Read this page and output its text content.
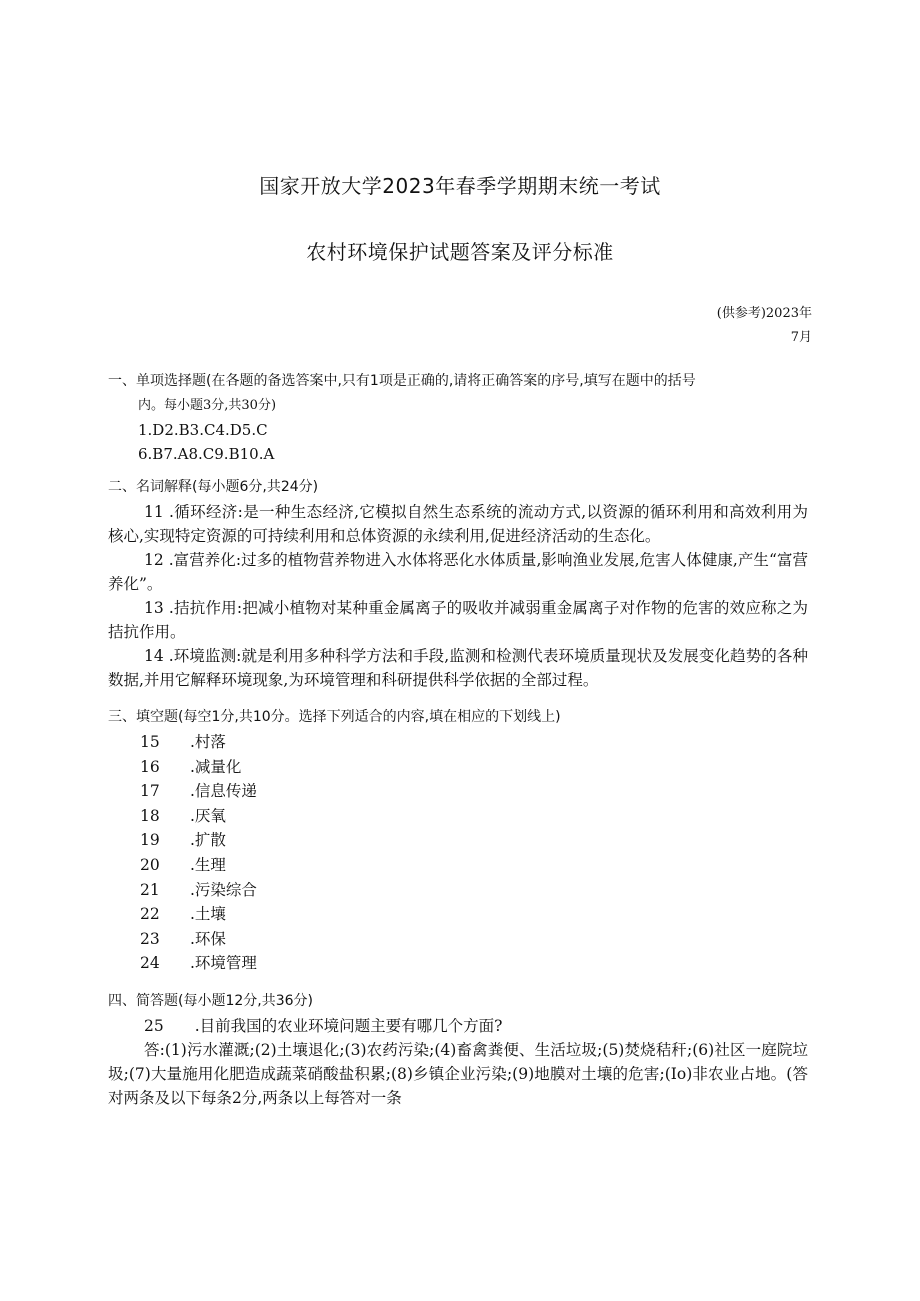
国家开放大学2023年春季学期期末统一考试
农村环境保护试题答案及评分标准
(供参考)2023年
7月
一、单项选择题(在各题的备选答案中,只有1项是正确的,请将正确答案的序号,填写在题中的括号
内。每小题3分,共30分)
1.D2.B3.C4.D5.C
6.B7.A8.C9.B10.A
二、名词解释(每小题6分,共24分)

11 .循环经济:是一种生态经济,它模拟自然生态系统的流动方式,以资源的循环利用和高效利用为核心,实现特定资源的可持续利用和总体资源的永续利用,促进经济活动的生态化。

12 .富营养化:过多的植物营养物进入水体将恶化水体质量,影响渔业发展,危害人体健康,产生“富营养化”。

13 .拮抗作用:把减小植物对某种重金属离子的吸收并减弱重金属离子对作物的危害的效应称之为拮抗作用。

14 .环境监测:就是利用多种科学方法和手段,监测和检测代表环境质量现状及发展变化趋势的各种数据,并用它解释环境现象,为环境管理和科研提供科学依据的全部过程。

三、填空题(每空1分,共10分。选择下列适合的内容,填在相应的下划线上)
15	.村落
16	.减量化
17	.信息传递
18	.厌氧
19	.扩散
20	.生理
21	.污染综合
22	.土壤
23	.环保
24	.环境管理
四、简答题(每小题12分,共36分)

25　　.目前我国的农业环境问题主要有哪几个方面?

答:(1)污水灌溉;(2)土壤退化;(3)农药污染;(4)畜禽粪便、生活垃圾;(5)焚烧秸秆;(6)社区一庭院垃圾;(7)大量施用化肥造成蔬菜硝酸盐积累;(8)乡镇企业污染;(9)地膜对土壤的危害;(Io)非农业占地。(答对两条及以下每条2分,两条以上每答对一条
